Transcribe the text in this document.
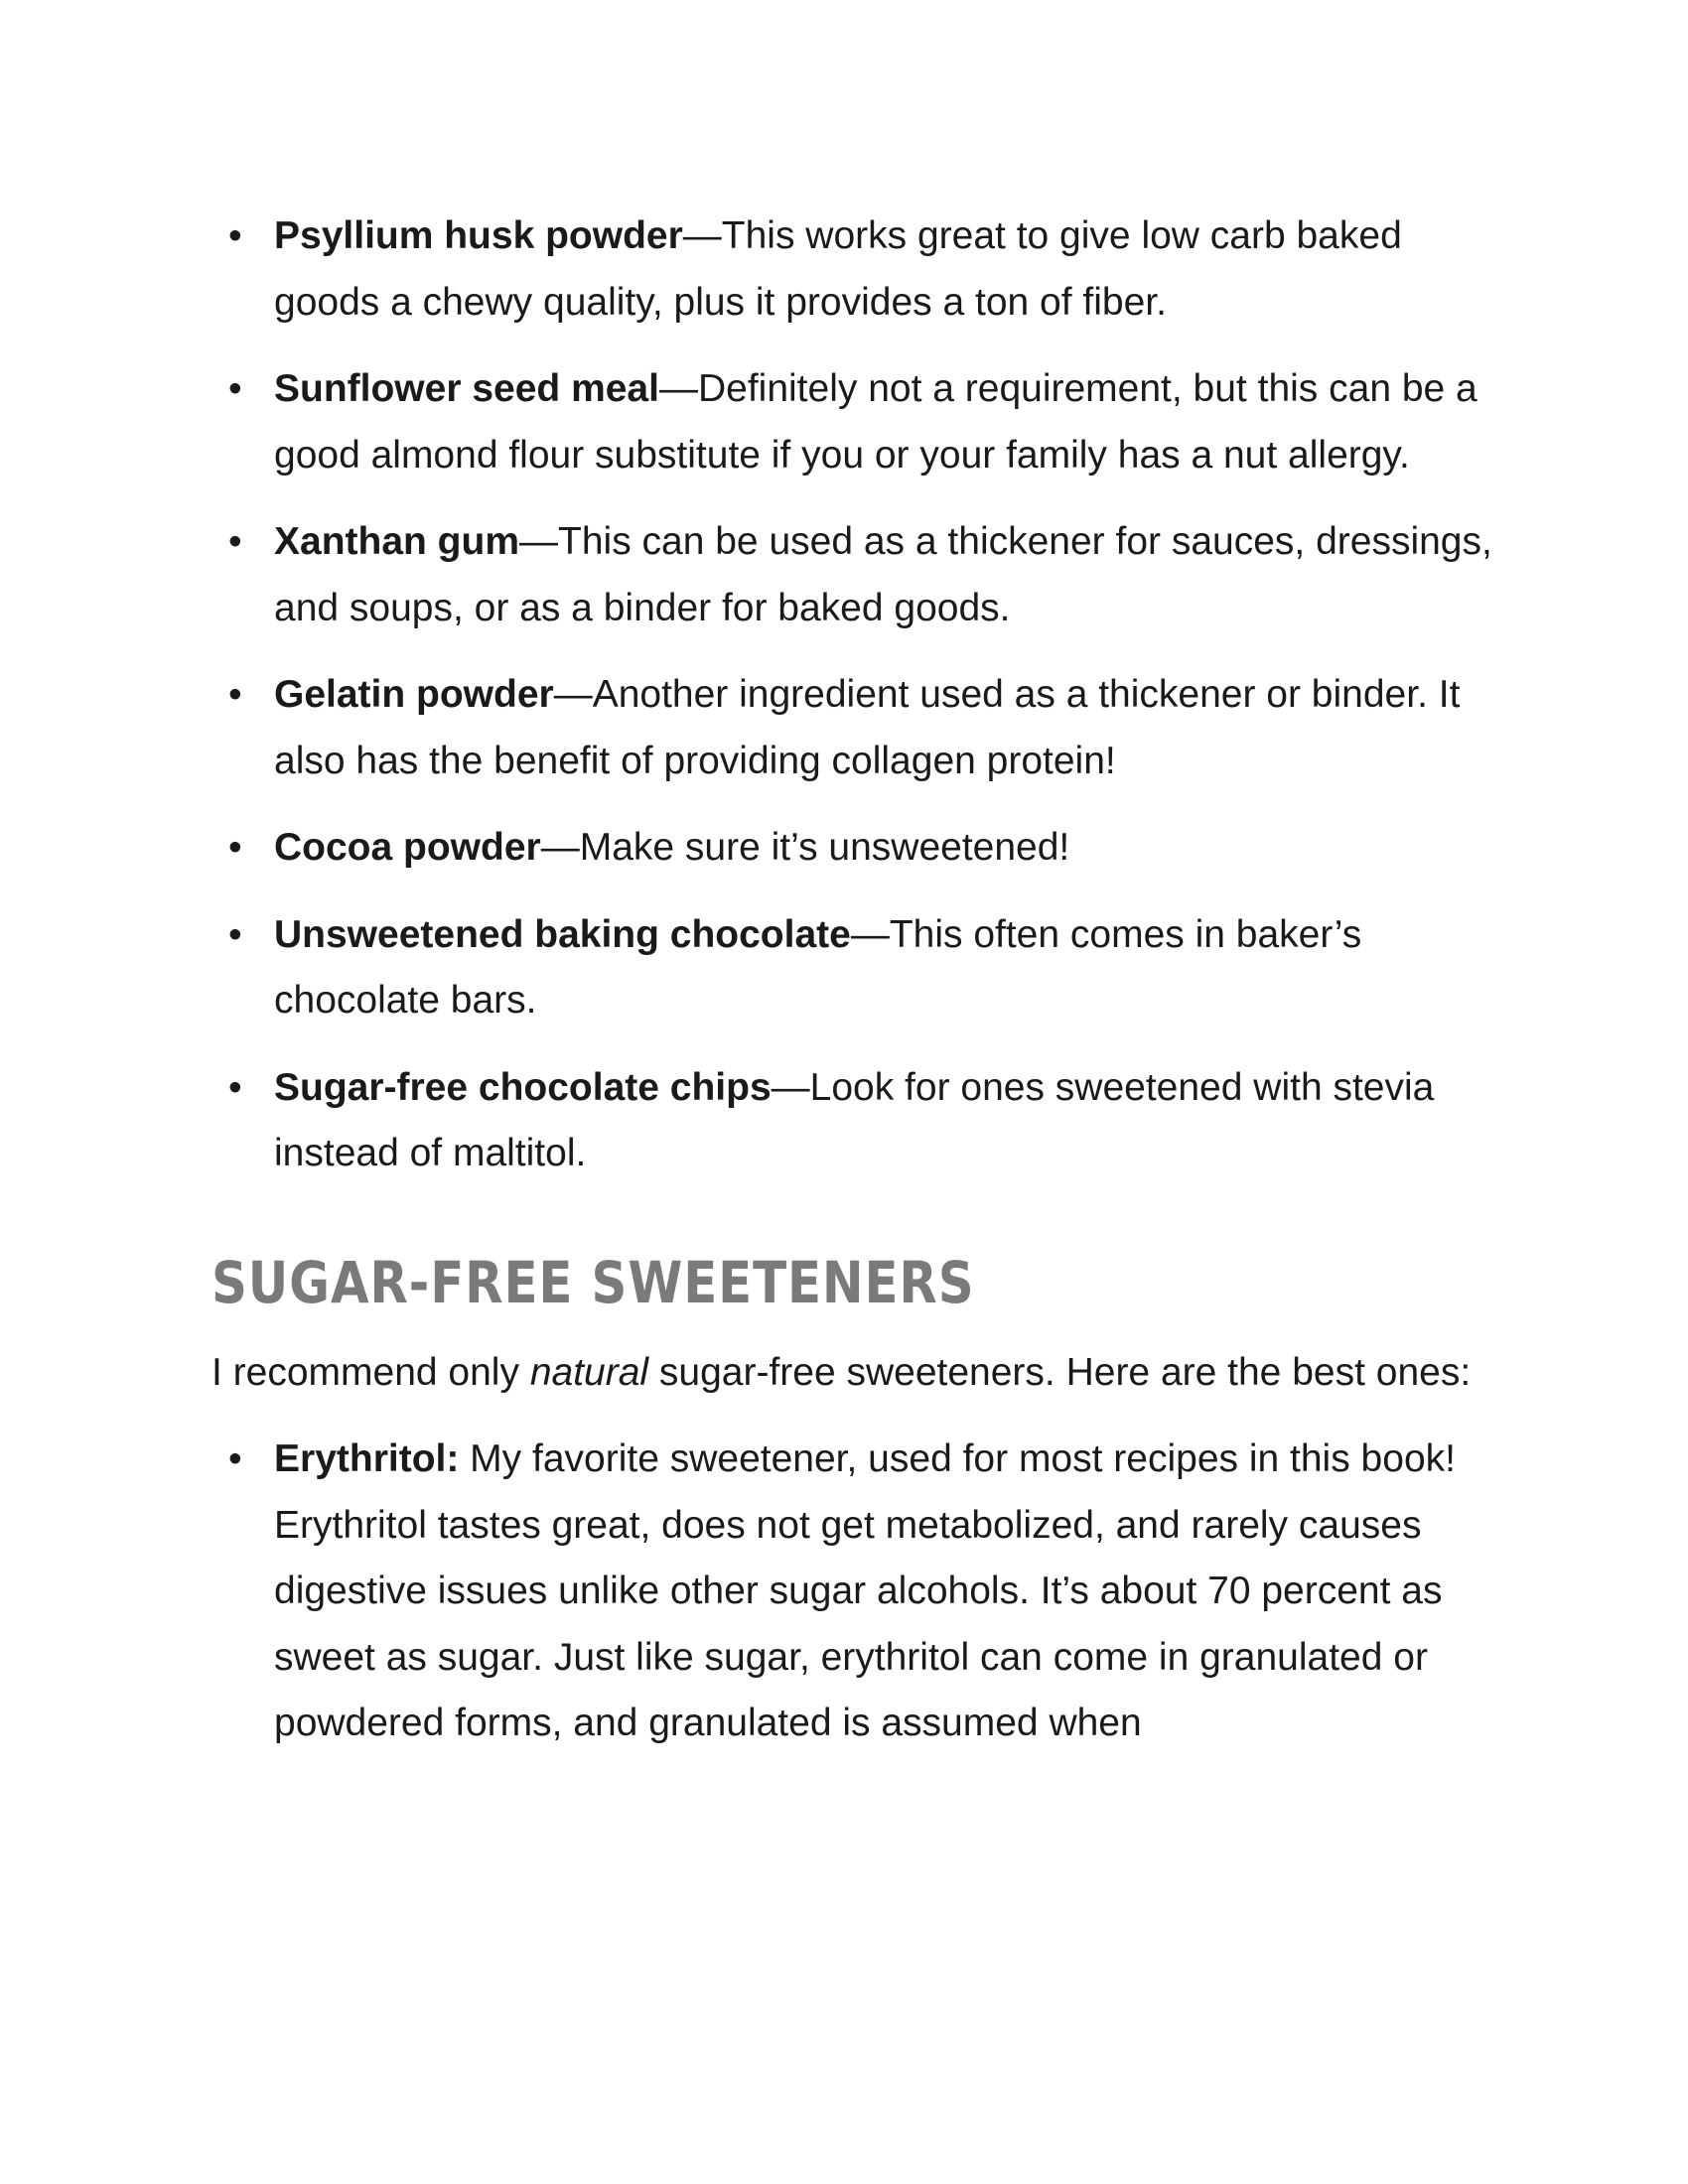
• Psyllium husk powder—This works great to give low carb baked goods a chewy quality, plus it provides a ton of fiber.
• Sunflower seed meal—Definitely not a requirement, but this can be a good almond flour substitute if you or your family has a nut allergy.
• Xanthan gum—This can be used as a thickener for sauces, dressings, and soups, or as a binder for baked goods.
• Gelatin powder—Another ingredient used as a thickener or binder. It also has the benefit of providing collagen protein!
• Cocoa powder—Make sure it’s unsweetened!
• Unsweetened baking chocolate—This often comes in baker’s chocolate bars.
• Sugar-free chocolate chips—Look for ones sweetened with stevia instead of maltitol.
SUGAR-FREE SWEETENERS

I recommend only natural sugar-free sweeteners. Here are the best ones:

• Erythritol: My favorite sweetener, used for most recipes in this book! Erythritol tastes great, does not get metabolized, and rarely causes digestive issues unlike other sugar alcohols. It’s about 70 percent as sweet as sugar. Just like sugar, erythritol can come in granulated or powdered forms, and granulated is assumed when
